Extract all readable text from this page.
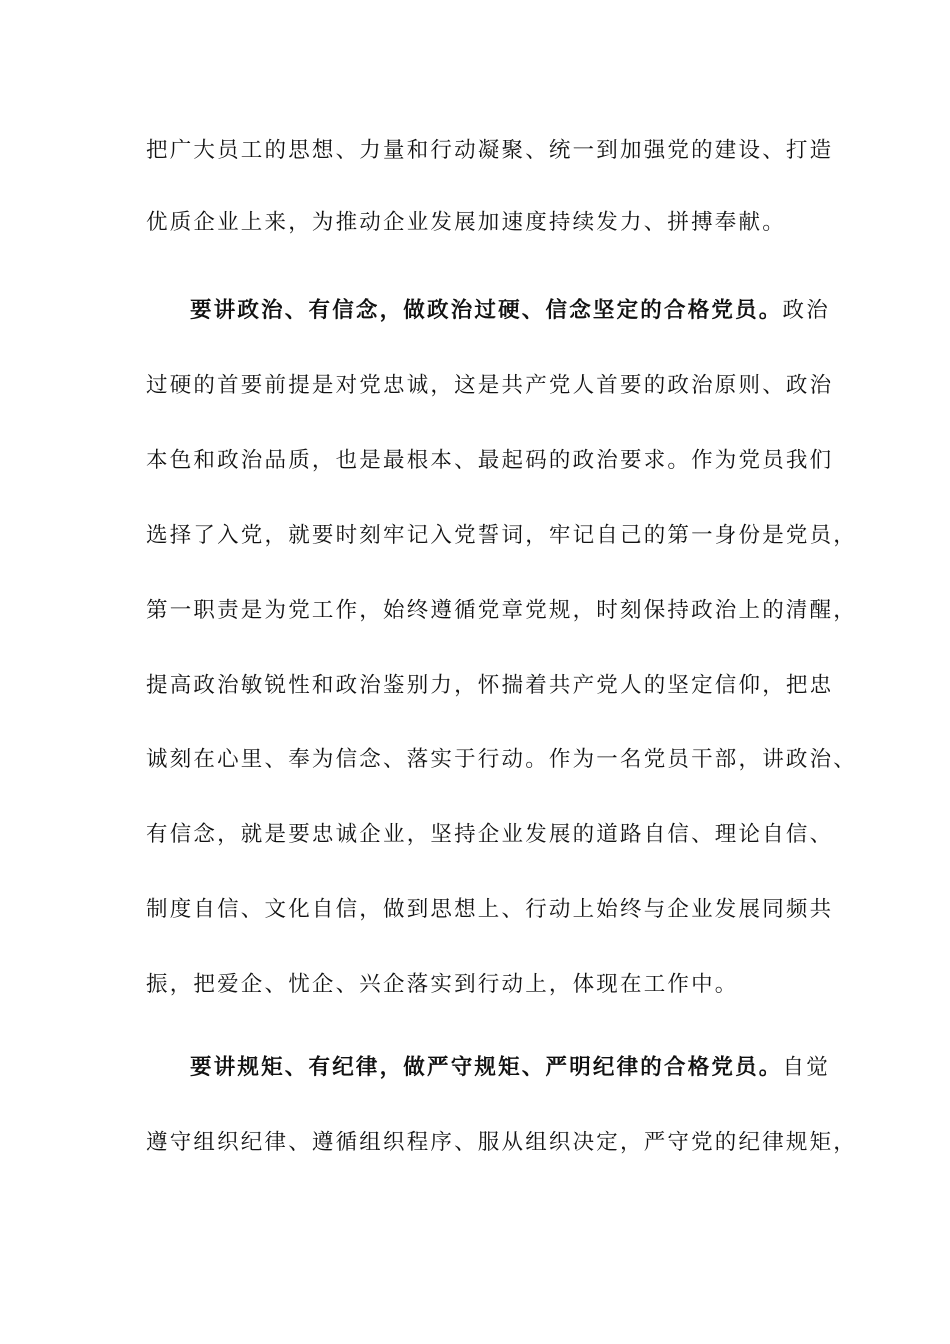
把广大员工的思想、力量和行动凝聚、统一到加强党的建设、打造
优质企业上来，为推动企业发展加速度持续发力、拼搏奉献。
要讲政治、有信念，做政治过硬、信念坚定的合格党员。政治
过硬的首要前提是对党忠诚，这是共产党人首要的政治原则、政治
本色和政治品质，也是最根本、最起码的政治要求。作为党员我们
选择了入党，就要时刻牢记入党誓词，牢记自己的第一身份是党员，
第一职责是为党工作，始终遵循党章党规，时刻保持政治上的清醒，
提高政治敏锐性和政治鉴别力，怀揣着共产党人的坚定信仰，把忠
诚刻在心里、奉为信念、落实于行动。作为一名党员干部，讲政治、
有信念，就是要忠诚企业，坚持企业发展的道路自信、理论自信、
制度自信、文化自信，做到思想上、行动上始终与企业发展同频共
振，把爱企、忧企、兴企落实到行动上，体现在工作中。
要讲规矩、有纪律，做严守规矩、严明纪律的合格党员。自觉
遵守组织纪律、遵循组织程序、服从组织决定，严守党的纪律规矩，
